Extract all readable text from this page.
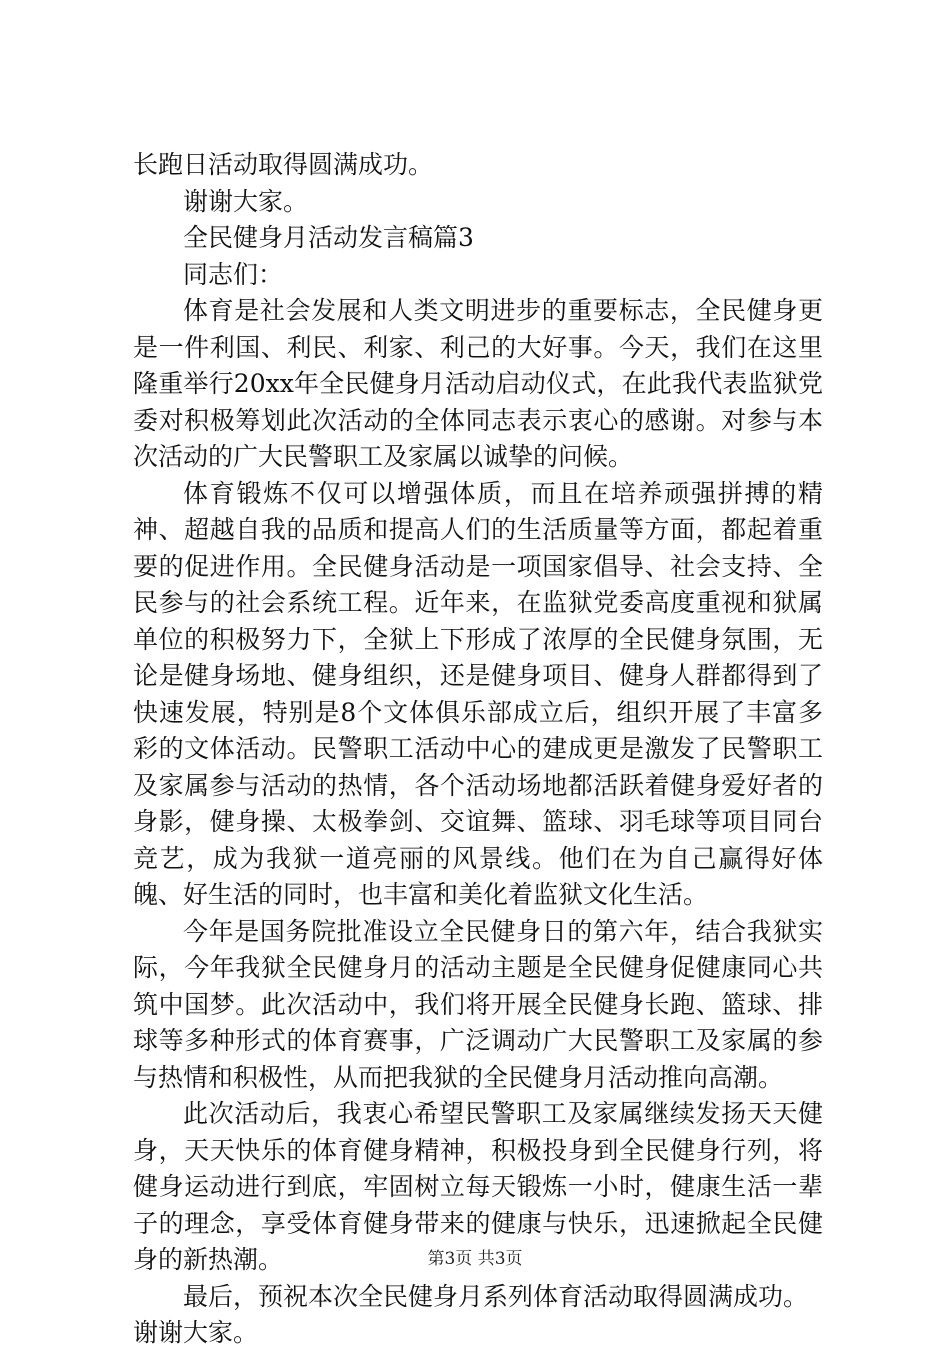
长跑日活动取得圆满成功。

谢谢大家。

全民健身月活动发言稿篇3

同志们：

体育是社会发展和人类文明进步的重要标志，全民健身更是一件利国、利民、利家、利己的大好事。今天，我们在这里隆重举行20xx年全民健身月活动启动仪式，在此我代表监狱党委对积极筹划此次活动的全体同志表示衷心的感谢。对参与本次活动的广大民警职工及家属以诚挚的问候。

体育锻炼不仅可以增强体质，而且在培养顽强拼搏的精神、超越自我的品质和提高人们的生活质量等方面，都起着重要的促进作用。全民健身活动是一项国家倡导、社会支持、全民参与的社会系统工程。近年来，在监狱党委高度重视和狱属单位的积极努力下，全狱上下形成了浓厚的全民健身氛围，无论是健身场地、健身组织，还是健身项目、健身人群都得到了快速发展，特别是8个文体俱乐部成立后，组织开展了丰富多彩的文体活动。民警职工活动中心的建成更是激发了民警职工及家属参与活动的热情，各个活动场地都活跃着健身爱好者的身影，健身操、太极拳剑、交谊舞、篮球、羽毛球等项目同台竞艺，成为我狱一道亮丽的风景线。他们在为自己赢得好体魄、好生活的同时，也丰富和美化着监狱文化生活。

今年是国务院批准设立全民健身日的第六年，结合我狱实际，今年我狱全民健身月的活动主题是全民健身促健康同心共筑中国梦。此次活动中，我们将开展全民健身长跑、篮球、排球等多种形式的体育赛事，广泛调动广大民警职工及家属的参与热情和积极性，从而把我狱的全民健身月活动推向高潮。

此次活动后，我衷心希望民警职工及家属继续发扬天天健身，天天快乐的体育健身精神，积极投身到全民健身行列，将健身运动进行到底，牢固树立每天锻炼一小时，健康生活一辈子的理念，享受体育健身带来的健康与快乐，迅速掀起全民健身的新热潮。

最后，预祝本次全民健身月系列体育活动取得圆满成功。

谢谢大家。

第3页 共3页
